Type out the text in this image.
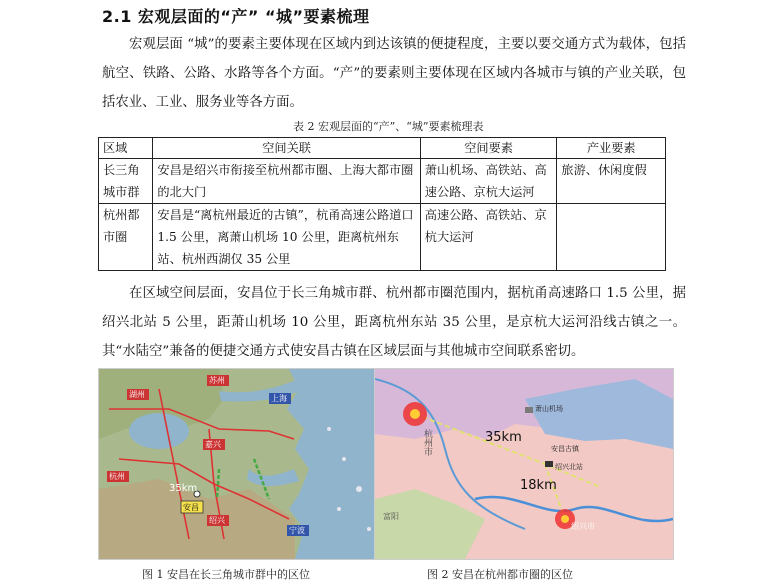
2.1 宏观层面的“产” “城”要素梳理

宏观层面 “城”的要素主要体现在区域内到达该镇的便捷程度，主要以要交通方式为载体，包括航空、铁路、公路、水路等各个方面。“产”的要素则主要体现在区域内各城市与镇的产业关联，包括农业、工业、服务业等各方面。

表 2 宏观层面的“产”、“城”要素梳理表
区域	空间关联	空间要素	产业要素
长三角城市群	安昌是绍兴市衔接至杭州都市圈、上海大都市圈的北大门	萧山机场、高铁站、高速公路、京杭大运河	旅游、休闲度假
杭州都市圈	安昌是“离杭州最近的古镇”，杭甬高速公路道口 1.5 公里，离萧山机场 10 公里，距离杭州东站、杭州西湖仅 35 公里	高速公路、高铁站、京杭大运河	

在区域空间层面，安昌位于长三角城市群、杭州都市圈范围内，据杭甬高速路口 1.5 公里，据绍兴北站 5 公里，距萧山机场 10 公里，距离杭州东站 35 公里，是京杭大运河沿线古镇之一。其“水陆空”兼备的便捷交通方式使安昌古镇在区域层面与其他城市空间联系密切。

安昌
35km
苏州
上海
嘉兴
杭州
绍兴
宁波
湖州
杭州市
萧山机场
安昌古镇
绍兴北站
35km
18km
绍兴市
富阳
图 1 安昌在长三角城市群中的区位	图 2 安昌在杭州都市圈的区位
